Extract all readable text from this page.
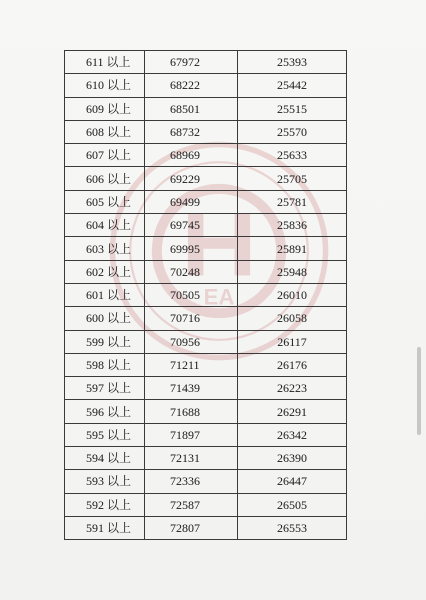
EA
611 以上	67972	25393
610 以上	68222	25442
609 以上	68501	25515
608 以上	68732	25570
607 以上	68969	25633
606 以上	69229	25705
605 以上	69499	25781
604 以上	69745	25836
603 以上	69995	25891
602 以上	70248	25948
601 以上	70505	26010
600 以上	70716	26058
599 以上	70956	26117
598 以上	71211	26176
597 以上	71439	26223
596 以上	71688	26291
595 以上	71897	26342
594 以上	72131	26390
593 以上	72336	26447
592 以上	72587	26505
591 以上	72807	26553
